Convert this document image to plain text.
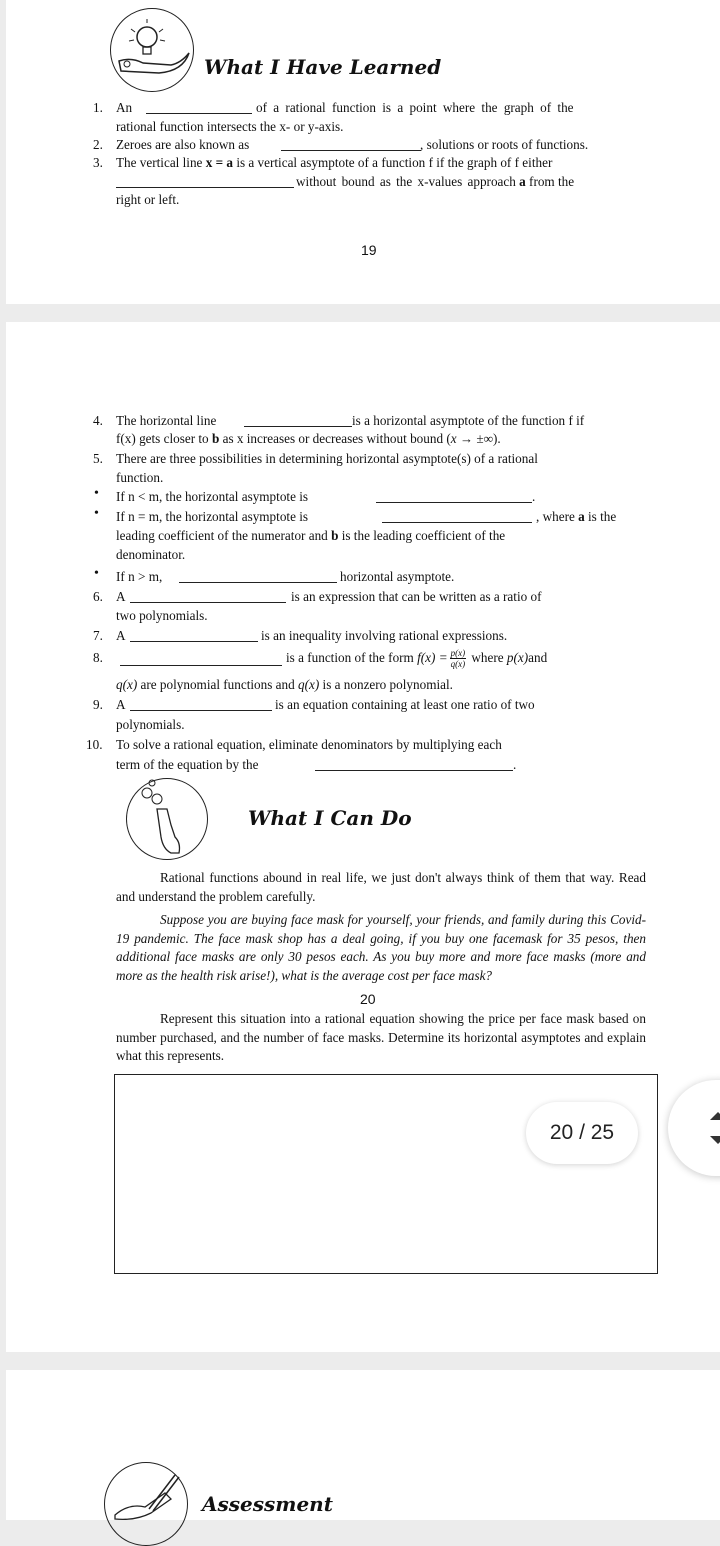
What I Have Learned
1. An	of a rational function is a point where the graph of the
rational function intersects the x- or y-axis.
2. Zeroes are also known as	, solutions or roots of functions.
3. The vertical line x = a is a vertical asymptote of a function f if the graph of f either
without bound as the x-values approach a from the
right or left.
19
4. The horizontal line	is a horizontal asymptote of the function f if
f(x) gets closer to b as x increases or decreases without bound (x → ±∞).
5. There are three possibilities in determining horizontal asymptote(s) of a rational
function.
• If n < m, the horizontal asymptote is	.
• If n = m, the horizontal asymptote is	, where a is the
leading coefficient of the numerator and b is the leading coefficient of the
denominator.
• If n > m,	horizontal asymptote.
6. A	is an expression that can be written as a ratio of
two polynomials.
7. A	is an inequality involving rational expressions.
8.	is a function of the form $f(x) = \frac{p(x)}{q(x)}$ where p(x)and
q(x) are polynomial functions and q(x) is a nonzero polynomial.
9. A	is an equation containing at least one ratio of two
polynomials.
10. To solve a rational equation, eliminate denominators by multiplying each
term of the equation by the	.
What I Can Do
Rational functions abound in real life, we just don't always think of them that way. Read and understand the problem carefully.
Suppose you are buying face mask for yourself, your friends, and family during this Covid-19 pandemic. The face mask shop has a deal going, if you buy one facemask for 35 pesos, then additional face masks are only 30 pesos each. As you buy more and more face masks (more and more as the health risk arise!), what is the average cost per face mask?
Represent this situation into a rational equation showing the price per face mask based on number purchased, and the number of face masks. Determine its horizontal asymptotes and explain what this represents.
20
Assessment
20 / 25
